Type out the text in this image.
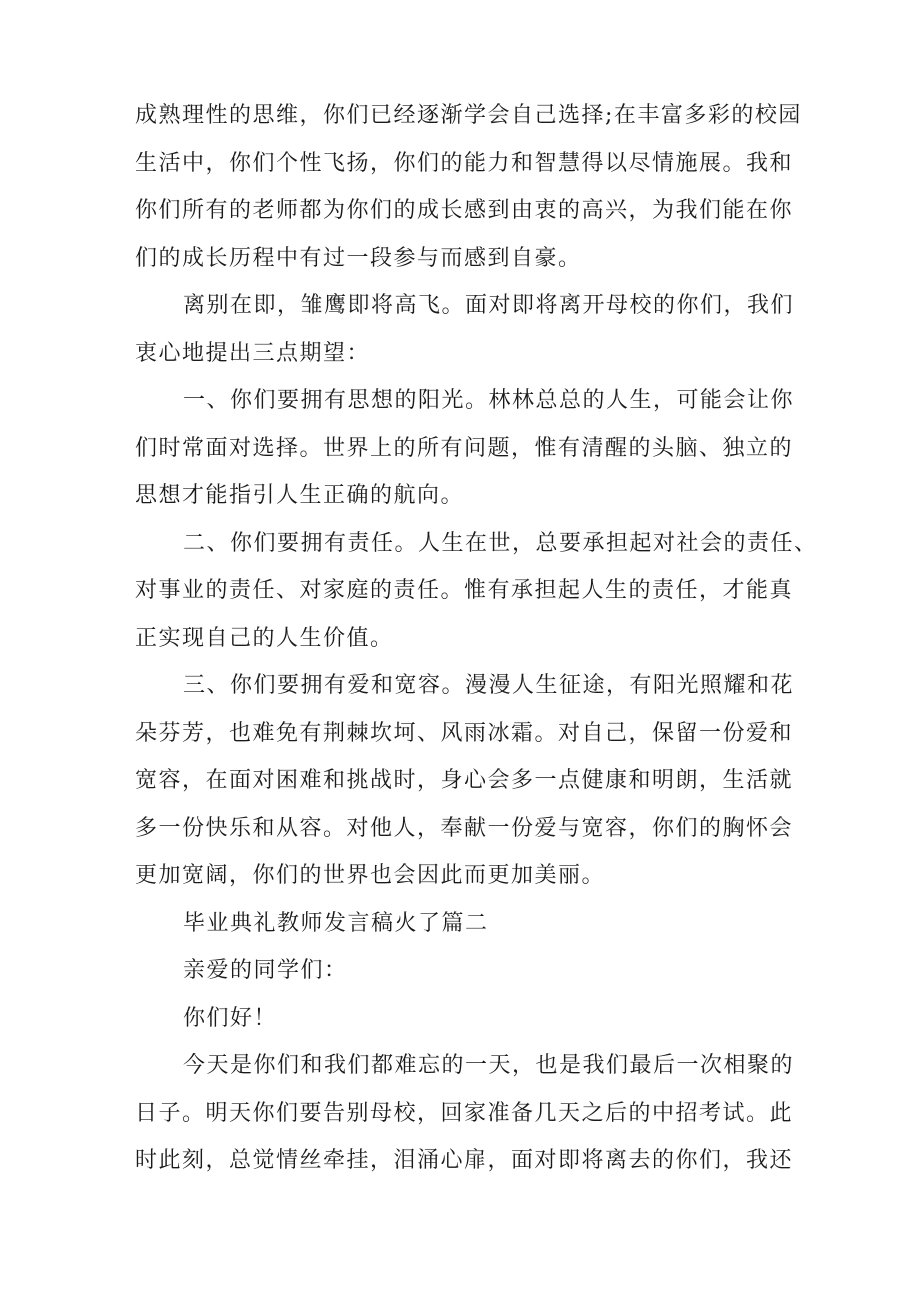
成熟理性的思维，你们已经逐渐学会自己选择;在丰富多彩的校园
生活中，你们个性飞扬，你们的能力和智慧得以尽情施展。我和
你们所有的老师都为你们的成长感到由衷的高兴，为我们能在你
们的成长历程中有过一段参与而感到自豪。
离别在即，雏鹰即将高飞。面对即将离开母校的你们，我们
衷心地提出三点期望：
一、你们要拥有思想的阳光。林林总总的人生，可能会让你
们时常面对选择。世界上的所有问题，惟有清醒的头脑、独立的
思想才能指引人生正确的航向。
二、你们要拥有责任。人生在世，总要承担起对社会的责任、
对事业的责任、对家庭的责任。惟有承担起人生的责任，才能真
正实现自己的人生价值。
三、你们要拥有爱和宽容。漫漫人生征途，有阳光照耀和花
朵芬芳，也难免有荆棘坎坷、风雨冰霜。对自己，保留一份爱和
宽容，在面对困难和挑战时，身心会多一点健康和明朗，生活就
多一份快乐和从容。对他人，奉献一份爱与宽容，你们的胸怀会
更加宽阔，你们的世界也会因此而更加美丽。
毕业典礼教师发言稿火了篇二
亲爱的同学们：
你们好！
今天是你们和我们都难忘的一天，也是我们最后一次相聚的
日子。明天你们要告别母校，回家准备几天之后的中招考试。此
时此刻，总觉情丝牵挂，泪涌心扉，面对即将离去的你们，我还
